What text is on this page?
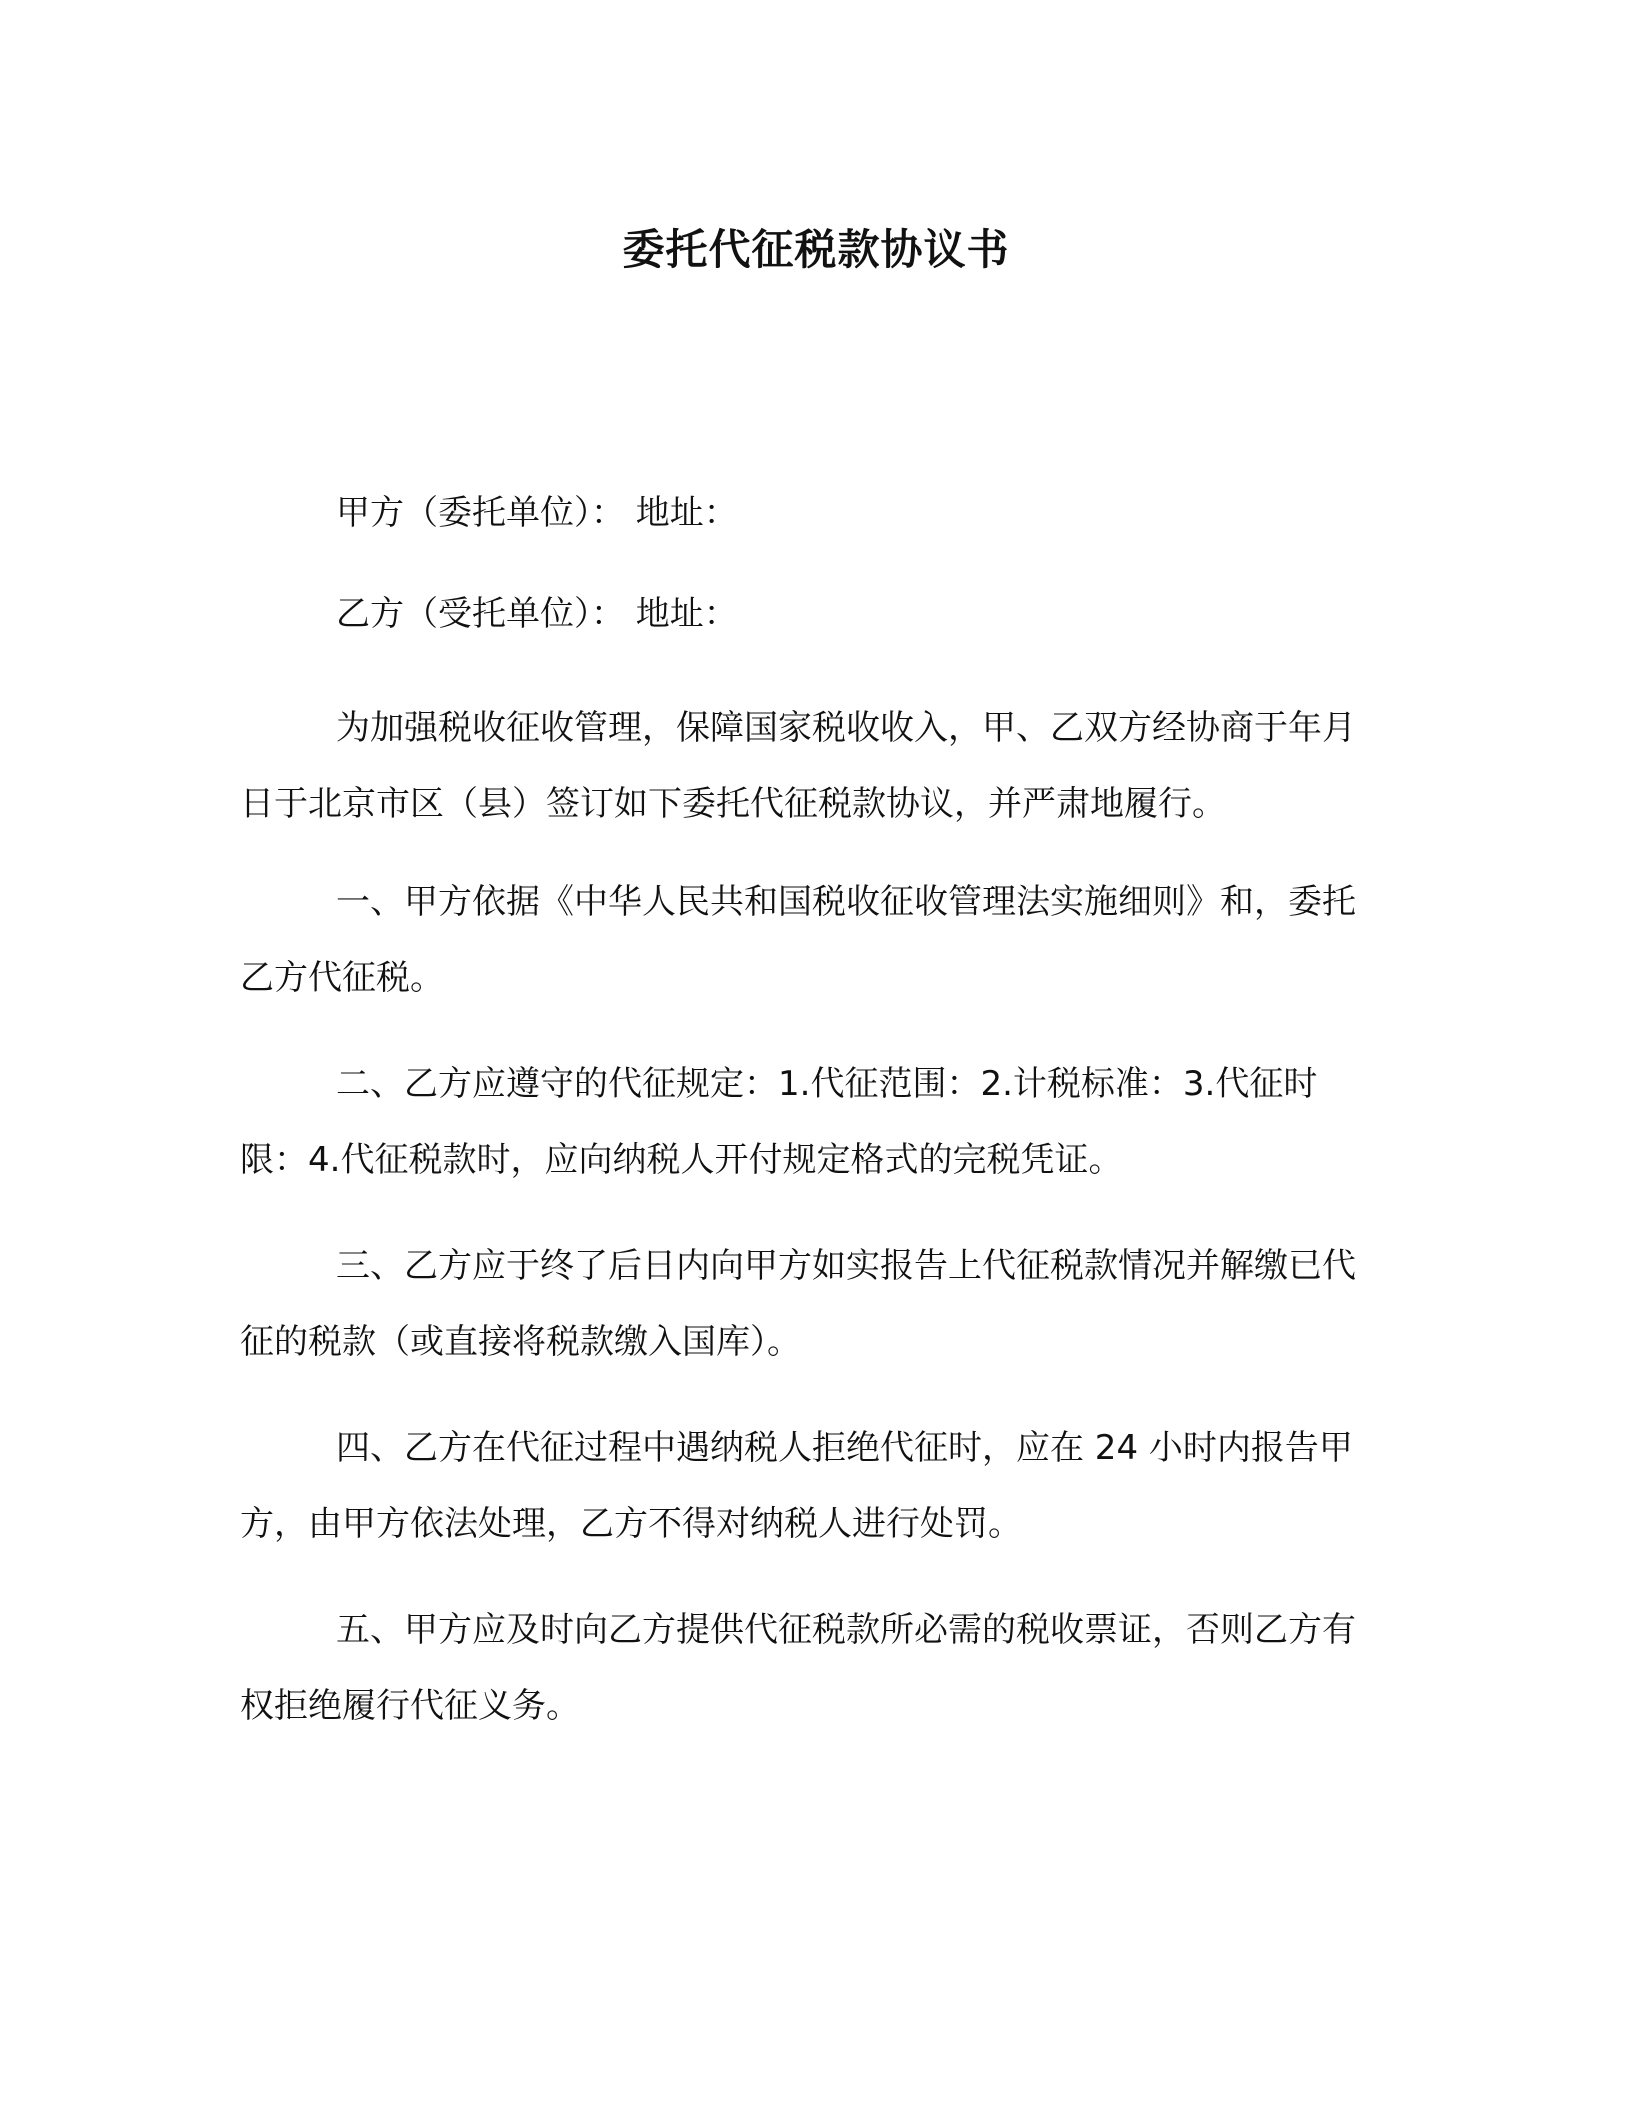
委托代征税款协议书

甲方（委托单位）： 地址：

乙方（受托单位）： 地址：

为加强税收征收管理，保障国家税收收入，甲、乙双方经协商于年月日于北京市区（县）签订如下委托代征税款协议，并严肃地履行。

一、甲方依据《中华人民共和国税收征收管理法实施细则》和，委托乙方代征税。

二、乙方应遵守的代征规定：1.代征范围：2.计税标准：3.代征时限：4.代征税款时，应向纳税人开付规定格式的完税凭证。

三、乙方应于终了后日内向甲方如实报告上代征税款情况并解缴已代征的税款（或直接将税款缴入国库）。

四、乙方在代征过程中遇纳税人拒绝代征时，应在 24 小时内报告甲方，由甲方依法处理，乙方不得对纳税人进行处罚。

五、甲方应及时向乙方提供代征税款所必需的税收票证，否则乙方有权拒绝履行代征义务。
